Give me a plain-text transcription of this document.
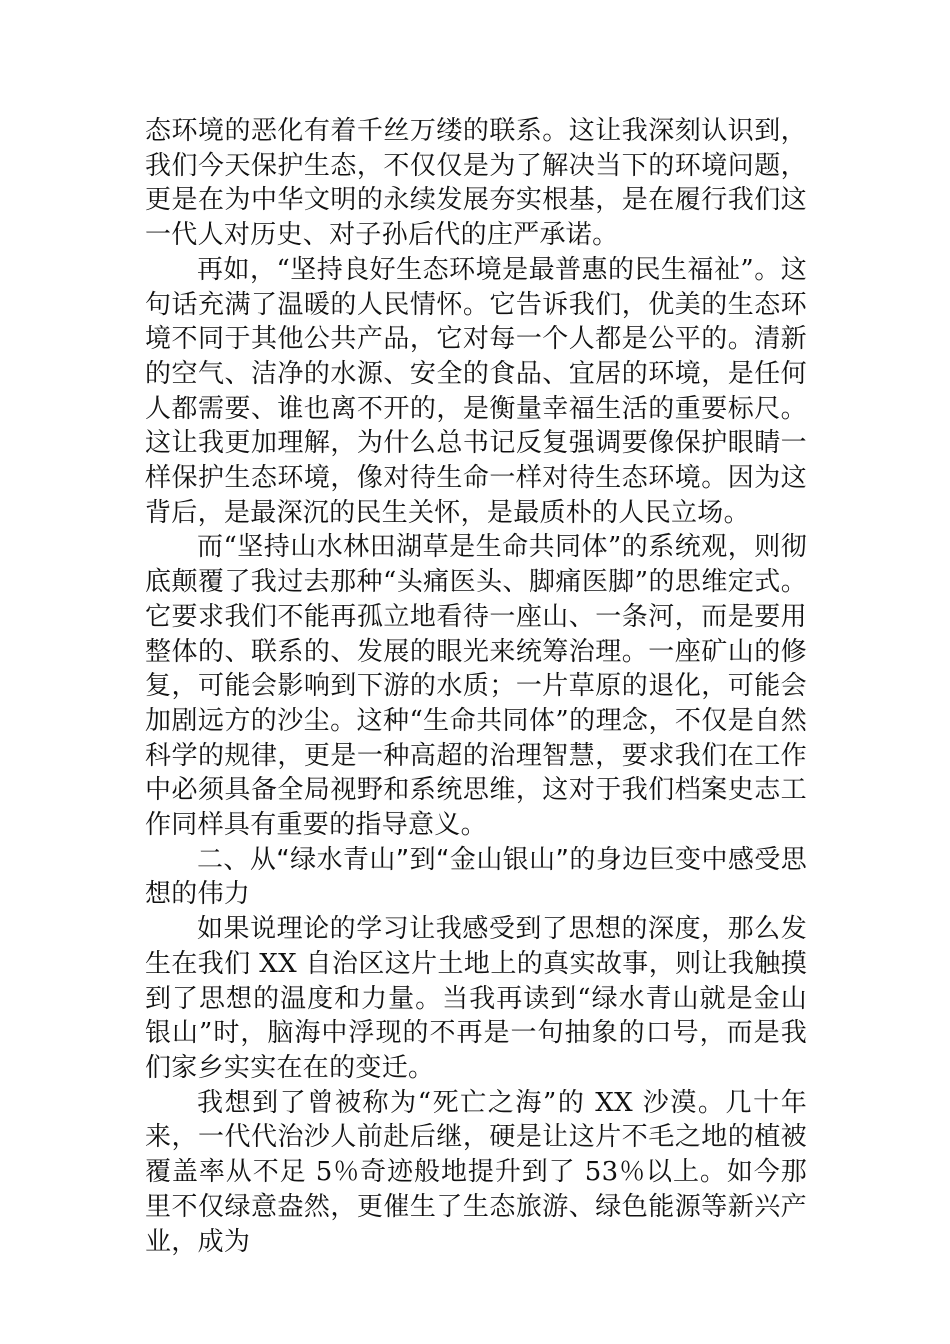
态环境的恶化有着千丝万缕的联系。这让我深刻认识到，我们今天保护生态，不仅仅是为了解决当下的环境问题，更是在为中华文明的永续发展夯实根基，是在履行我们这一代人对历史、对子孙后代的庄严承诺。

再如，“坚持良好生态环境是最普惠的民生福祉”。这句话充满了温暖的人民情怀。它告诉我们，优美的生态环境不同于其他公共产品，它对每一个人都是公平的。清新的空气、洁净的水源、安全的食品、宜居的环境，是任何人都需要、谁也离不开的，是衡量幸福生活的重要标尺。这让我更加理解，为什么总书记反复强调要像保护眼睛一样保护生态环境，像对待生命一样对待生态环境。因为这背后，是最深沉的民生关怀，是最质朴的人民立场。

而“坚持山水林田湖草是生命共同体”的系统观，则彻底颠覆了我过去那种“头痛医头、脚痛医脚”的思维定式。它要求我们不能再孤立地看待一座山、一条河，而是要用整体的、联系的、发展的眼光来统筹治理。一座矿山的修复，可能会影响到下游的水质；一片草原的退化，可能会加剧远方的沙尘。这种“生命共同体”的理念，不仅是自然科学的规律，更是一种高超的治理智慧，要求我们在工作中必须具备全局视野和系统思维，这对于我们档案史志工作同样具有重要的指导意义。

二、从“绿水青山”到“金山银山”的身边巨变中感受思想的伟力

如果说理论的学习让我感受到了思想的深度，那么发生在我们 XX 自治区这片土地上的真实故事，则让我触摸到了思想的温度和力量。当我再读到“绿水青山就是金山银山”时，脑海中浮现的不再是一句抽象的口号，而是我们家乡实实在在的变迁。

我想到了曾被称为“死亡之海”的 XX 沙漠。几十年来，一代代治沙人前赴后继，硬是让这片不毛之地的植被覆盖率从不足 5％奇迹般地提升到了 53％以上。如今那里不仅绿意盎然，更催生了生态旅游、绿色能源等新兴产业，成为
